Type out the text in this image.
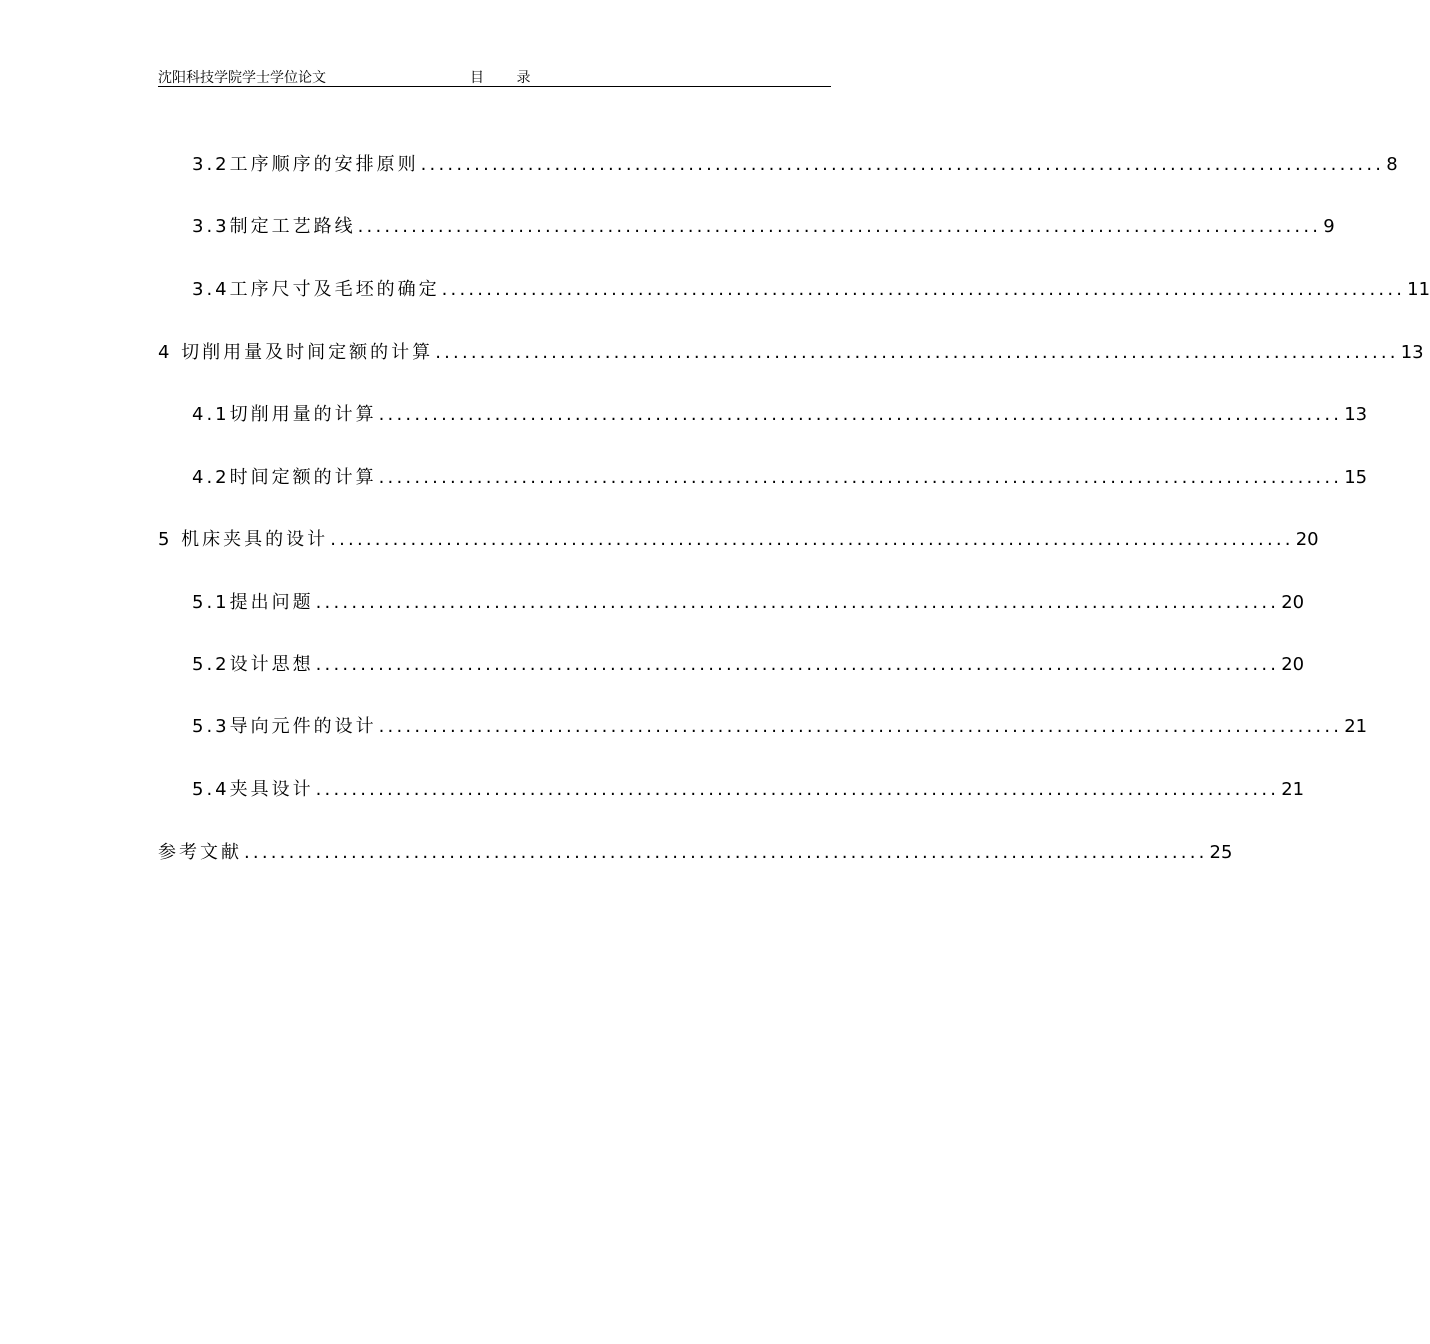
沈阳科技学院学士学位论文	目 录
3.2工序顺序的安排原则 ............................................................................................................ 8
3.3制定工艺路线 ............................................................................................................ 9
3.4工序尺寸及毛坯的确定 ............................................................................................................ 11
4 切削用量及时间定额的计算 ............................................................................................................ 13
4.1切削用量的计算 ............................................................................................................ 13
4.2时间定额的计算 ............................................................................................................ 15
5 机床夹具的设计 ............................................................................................................ 20
5.1提出问题 ............................................................................................................ 20
5.2设计思想 ............................................................................................................ 20
5.3导向元件的设计 ............................................................................................................ 21
5.4夹具设计 ............................................................................................................ 21
参考文献 ............................................................................................................ 25
